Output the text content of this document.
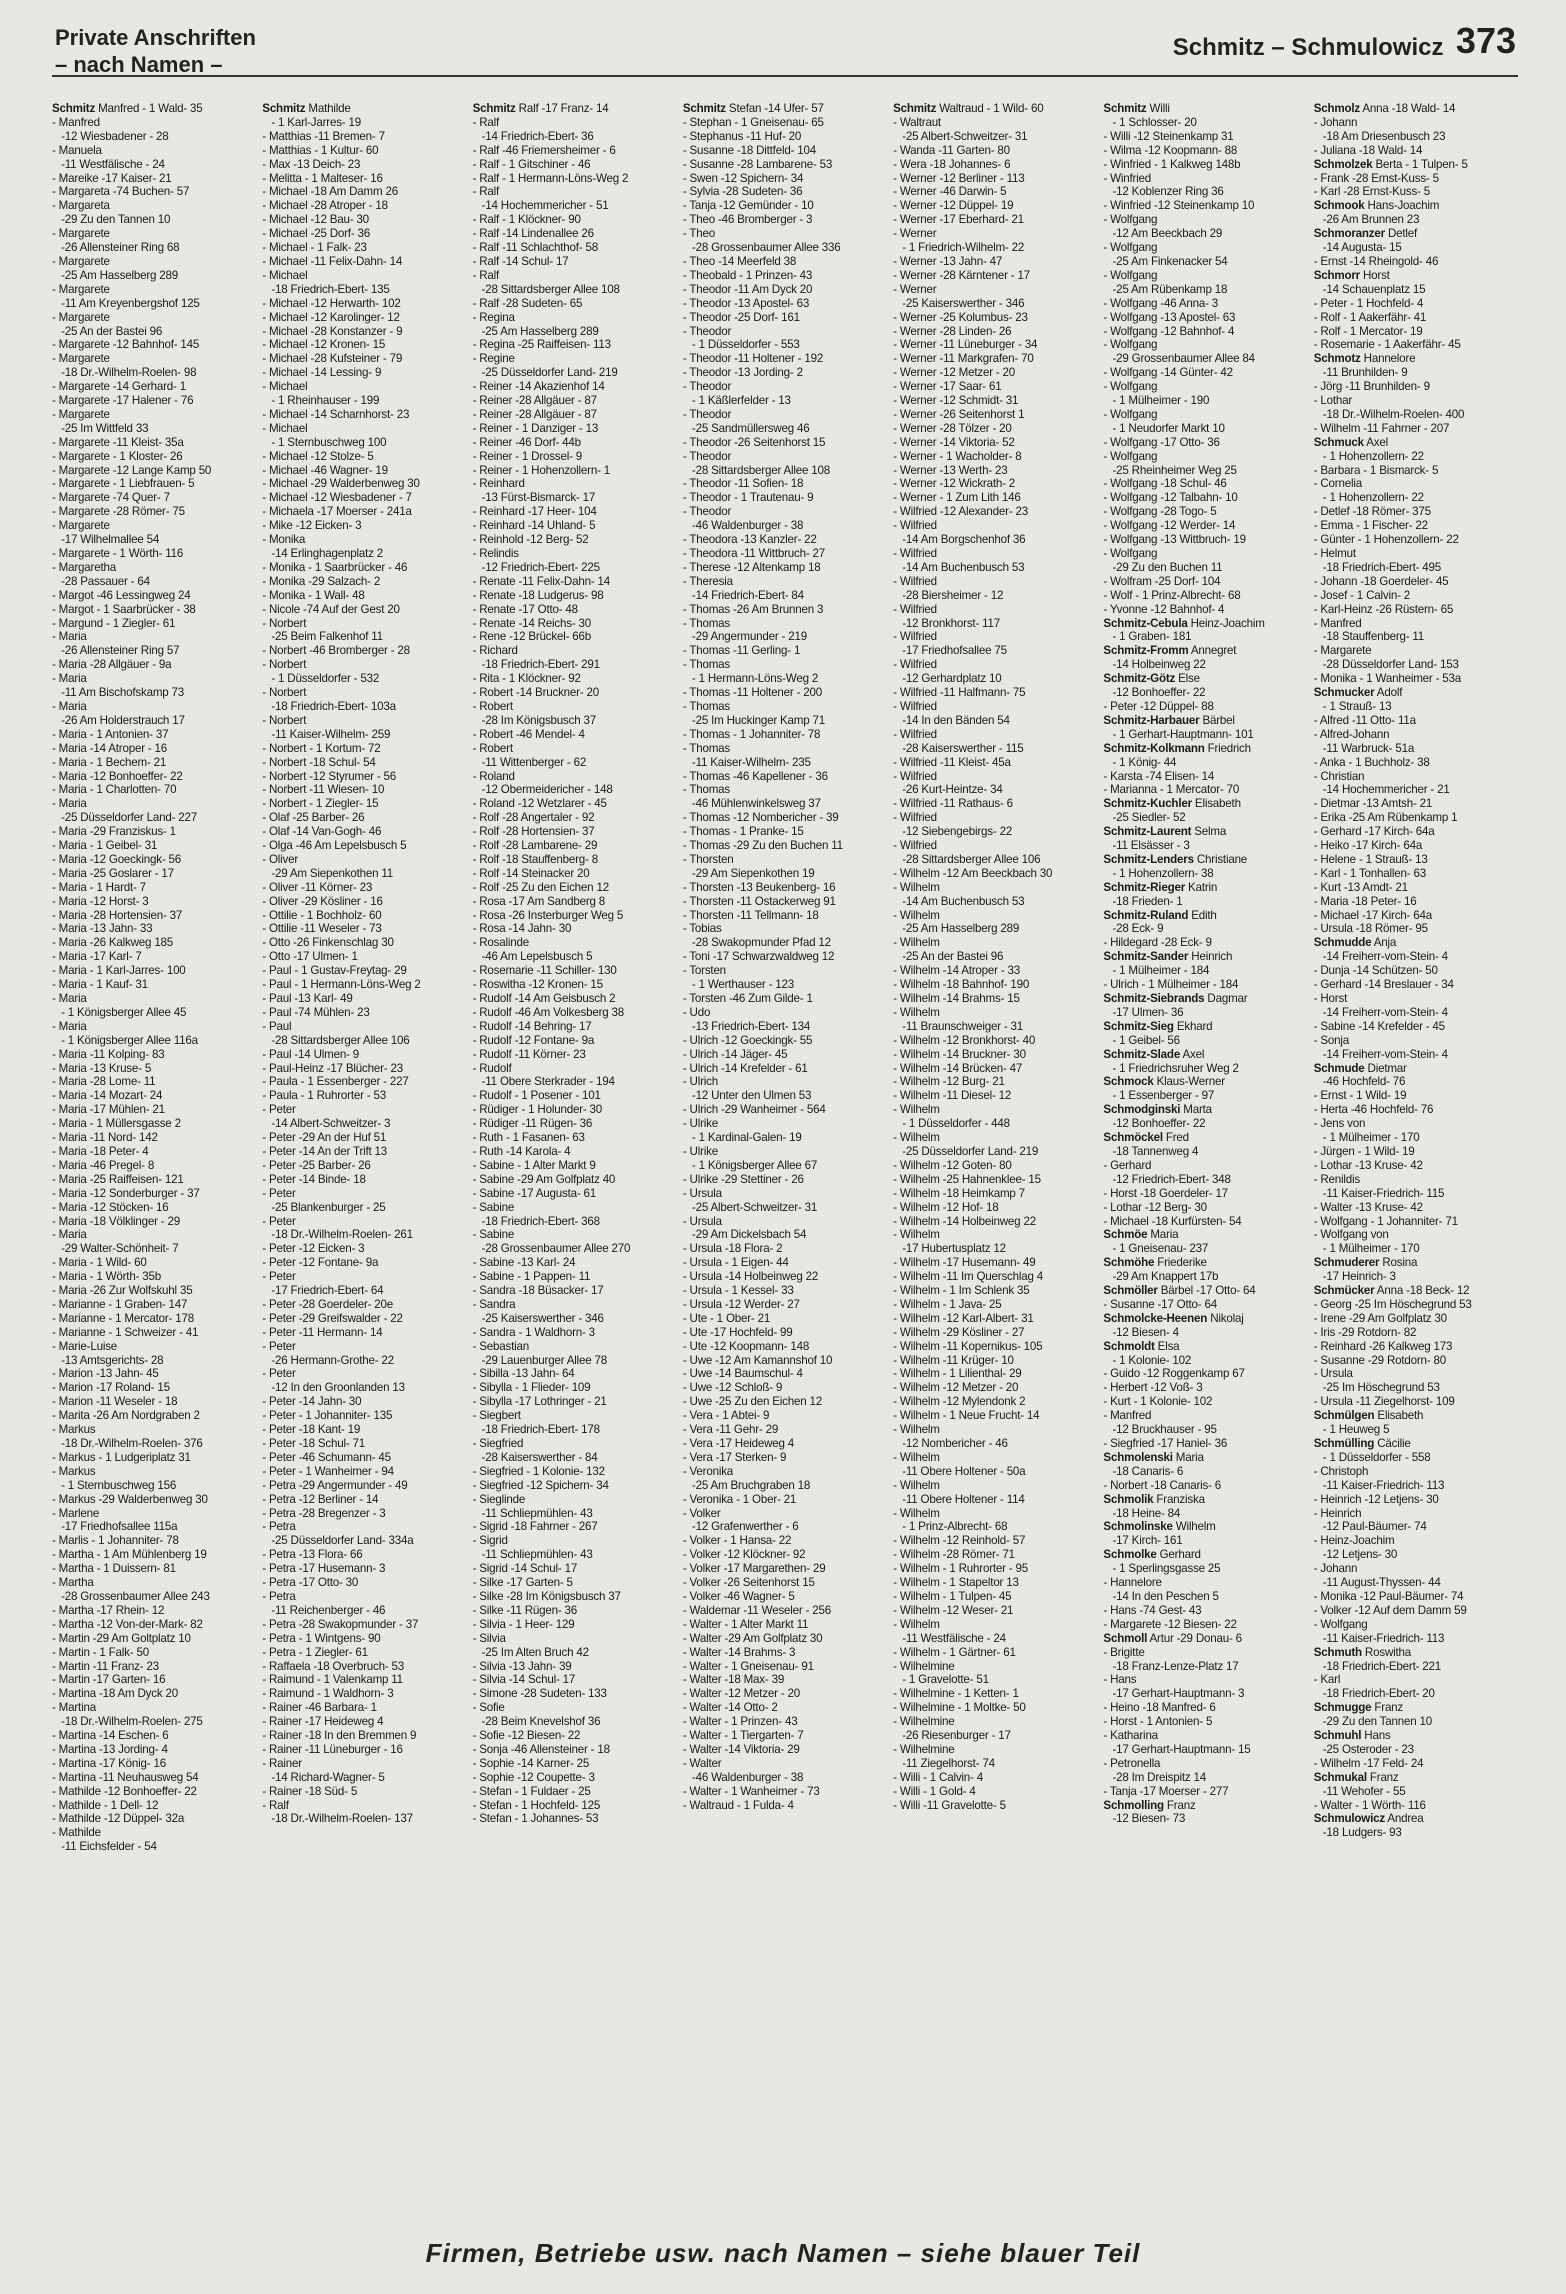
Private Anschriften
– nach Namen –
Schmitz – Schmulowicz 373
Schmitz Manfred - 1 Wald- 35
- Manfred
-12 Wiesbadener - 28
- Manuela
-11 Westfälische - 24
- Mareike -17 Kaiser- 21
- Margareta -74 Buchen- 57
- Margareta
-29 Zu den Tannen 10
- Margarete
-26 Allensteiner Ring 68
- Margarete
-25 Am Hasselberg 289
- Margarete
-11 Am Kreyenbergshof 125
- Margarete
-25 An der Bastei 96
- Margarete -12 Bahnhof- 145
- Margarete
-18 Dr.-Wilhelm-Roelen- 98
- Margarete -14 Gerhard- 1
- Margarete -17 Halener - 76
- Margarete
-25 Im Wittfeld 33
- Margarete -11 Kleist- 35a
- Margarete - 1 Kloster- 26
- Margarete -12 Lange Kamp 50
- Margarete - 1 Liebfrauen- 5
- Margarete -74 Quer- 7
- Margarete -28 Römer- 75
- Margarete
-17 Wilhelmallee 54
- Margarete - 1 Wörth- 116
- Margaretha
-28 Passauer - 64
- Margot -46 Lessingweg 24
- Margot - 1 Saarbrücker - 38
- Margund - 1 Ziegler- 61
- Maria
-26 Allensteiner Ring 57
- Maria -28 Allgäuer - 9a
- Maria
-11 Am Bischofskamp 73
- Maria
-26 Am Holderstrauch 17
- Maria - 1 Antonien- 37
- Maria -14 Atroper - 16
- Maria - 1 Bechem- 21
- Maria -12 Bonhoeffer- 22
- Maria - 1 Charlotten- 70
- Maria
-25 Düsseldorfer Land- 227
- Maria -29 Franziskus- 1
- Maria - 1 Geibel- 31
- Maria -12 Goeckingk- 56
- Maria -25 Goslarer - 17
- Maria - 1 Hardt- 7
- Maria -12 Horst- 3
- Maria -28 Hortensien- 37
- Maria -13 Jahn- 33
- Maria -26 Kalkweg 185
- Maria -17 Karl- 7
- Maria - 1 Karl-Jarres- 100
- Maria - 1 Kauf- 31
- Maria
- 1 Königsberger Allee 45
- Maria
- 1 Königsberger Allee 116a
- Maria -11 Kolping- 83
- Maria -13 Kruse- 5
- Maria -28 Lome- 11
- Maria -14 Mozart- 24
- Maria -17 Mühlen- 21
- Maria - 1 Müllersgasse 2
- Maria -11 Nord- 142
- Maria -18 Peter- 4
- Maria -46 Pregel- 8
- Maria -25 Raiffeisen- 121
- Maria -12 Sonderburger - 37
- Maria -12 Stöcken- 16
- Maria -18 Völklinger - 29
- Maria
-29 Walter-Schönheit- 7
- Maria - 1 Wild- 60
- Maria - 1 Wörth- 35b
- Maria -26 Zur Wolfskuhl 35
- Marianne - 1 Graben- 147
- Marianne - 1 Mercator- 178
- Marianne - 1 Schweizer - 41
- Marie-Luise
-13 Amtsgerichts- 28
- Marion -13 Jahn- 45
- Marion -17 Roland- 15
- Marion -11 Weseler - 18
- Marita -26 Am Nordgraben 2
- Markus
-18 Dr.-Wilhelm-Roelen- 376
- Markus - 1 Ludgeriplatz 31
- Markus
- 1 Sternbuschweg 156
- Markus -29 Walderbenweg 30
- Marlene
-17 Friedhofsallee 115a
- Marlis - 1 Johanniter- 78
- Martha - 1 Am Mühlenberg 19
- Martha - 1 Duissern- 81
- Martha
-28 Grossenbaumer Allee 243
- Martha -17 Rhein- 12
- Martha -12 Von-der-Mark- 82
- Martin -29 Am Goltplatz 10
- Martin - 1 Falk- 50
- Martin -11 Franz- 23
- Martin -17 Garten- 16
- Martina -18 Am Dyck 20
- Martina
-18 Dr.-Wilhelm-Roelen- 275
- Martina -14 Eschen- 6
- Martina -13 Jording- 4
- Martina -17 König- 16
- Martina -11 Neuhausweg 54
- Mathilde -12 Bonhoeffer- 22
- Mathilde - 1 Dell- 12
- Mathilde -12 Düppel- 32a
- Mathilde
-11 Eichsfelder - 54
Schmitz Mathilde
- 1 Karl-Jarres- 19
- Matthias -11 Bremen- 7
- Matthias - 1 Kultur- 60
- Max -13 Deich- 23
- Melitta - 1 Malteser- 16
- Michael -18 Am Damm 26
- Michael -28 Atroper - 18
- Michael -12 Bau- 30
- Michael -25 Dorf- 36
- Michael - 1 Falk- 23
- Michael -11 Felix-Dahn- 14
- Michael
-18 Friedrich-Ebert- 135
- Michael -12 Herwarth- 102
- Michael -12 Karolinger- 12
- Michael -28 Konstanzer - 9
- Michael -12 Kronen- 15
- Michael -28 Kufsteiner - 79
- Michael -14 Lessing- 9
- Michael
- 1 Rheinhauser - 199
- Michael -14 Scharnhorst- 23
- Michael
- 1 Sternbuschweg 100
- Michael -12 Stolze- 5
- Michael -46 Wagner- 19
- Michael -29 Walderbenweg 30
- Michael -12 Wiesbadener - 7
- Michaela -17 Moerser - 241a
- Mike -12 Eicken- 3
- Monika
-14 Erlinghagenplatz 2
- Monika - 1 Saarbrücker - 46
- Monika -29 Salzach- 2
- Monika - 1 Wall- 48
- Nicole -74 Auf der Gest 20
- Norbert
-25 Beim Falkenhof 11
- Norbert -46 Bromberger - 28
- Norbert
- 1 Düsseldorfer - 532
- Norbert
-18 Friedrich-Ebert- 103a
- Norbert
-11 Kaiser-Wilhelm- 259
- Norbert - 1 Kortum- 72
- Norbert -18 Schul- 54
- Norbert -12 Styrumer - 56
- Norbert -11 Wiesen- 10
- Norbert - 1 Ziegler- 15
- Olaf -25 Barber- 26
- Olaf -14 Van-Gogh- 46
- Olga -46 Am Lepelsbusch 5
- Oliver
-29 Am Siepenkothen 11
- Oliver -11 Körner- 23
- Oliver -29 Kösliner - 16
- Ottilie - 1 Bochholz- 60
- Ottilie -11 Weseler - 73
- Otto -26 Finkenschlag 30
- Otto -17 Ulmen- 1
- Paul - 1 Gustav-Freytag- 29
- Paul - 1 Hermann-Löns-Weg 2
- Paul -13 Karl- 49
- Paul -74 Mühlen- 23
- Paul
-28 Sittardsberger Allee 106
- Paul -14 Ulmen- 9
- Paul-Heinz -17 Blücher- 23
- Paula - 1 Essenberger - 227
- Paula - 1 Ruhrorter - 53
- Peter
-14 Albert-Schweitzer- 3
- Peter -29 An der Huf 51
- Peter -14 An der Trift 13
- Peter -25 Barber- 26
- Peter -14 Binde- 18
- Peter
-25 Blankenburger - 25
- Peter
-18 Dr.-Wilhelm-Roelen- 261
- Peter -12 Eicken- 3
- Peter -12 Fontane- 9a
- Peter
-17 Friedrich-Ebert- 64
- Peter -28 Goerdeler- 20e
- Peter -29 Greifswalder - 22
- Peter -11 Hermann- 14
- Peter
-26 Hermann-Grothe- 22
- Peter
-12 In den Groonlanden 13
- Peter -14 Jahn- 30
- Peter - 1 Johanniter- 135
- Peter -18 Kant- 19
- Peter -18 Schul- 71
- Peter -46 Schumann- 45
- Peter - 1 Wanheimer - 94
- Petra -29 Angermunder - 49
- Petra -12 Berliner - 14
- Petra -28 Bregenzer - 3
- Petra
-25 Düsseldorfer Land- 334a
- Petra -13 Flora- 66
- Petra -17 Husemann- 3
- Petra -17 Otto- 30
- Petra
-11 Reichenberger - 46
- Petra -28 Swakopmunder - 37
- Petra - 1 Wintgens- 90
- Petra - 1 Ziegler- 61
- Raffaela -18 Overbruch- 53
- Raimund - 1 Valenkamp 11
- Raimund - 1 Waldhorn- 3
- Rainer -46 Barbara- 1
- Rainer -17 Heideweg 4
- Rainer -18 In den Bremmen 9
- Rainer -11 Lüneburger - 16
- Rainer
-14 Richard-Wagner- 5
- Rainer -18 Süd- 5
- Ralf
-18 Dr.-Wilhelm-Roelen- 137
Schmitz Ralf -17 Franz- 14
- Ralf
-14 Friedrich-Ebert- 36
- Ralf -46 Friemersheimer - 6
- Ralf - 1 Gitschiner - 46
- Ralf - 1 Hermann-Löns-Weg 2
- Ralf
-14 Hochemmericher - 51
- Ralf - 1 Klöckner- 90
- Ralf -14 Lindenallee 26
- Ralf -11 Schlachthof- 58
- Ralf -14 Schul- 17
- Ralf
-28 Sittardsberger Allee 108
- Ralf -28 Sudeten- 65
- Regina
-25 Am Hasselberg 289
- Regina -25 Raiffeisen- 113
- Regine
-25 Düsseldorfer Land- 219
- Reiner -14 Akazienhof 14
- Reiner -28 Allgäuer - 87
- Reiner -28 Allgäuer - 87
- Reiner - 1 Danziger - 13
- Reiner -46 Dorf- 44b
- Reiner - 1 Drossel- 9
- Reiner - 1 Hohenzollern- 1
- Reinhard
-13 Fürst-Bismarck- 17
- Reinhard -17 Heer- 104
- Reinhard -14 Uhland- 5
- Reinhold -12 Berg- 52
- Relindis
-12 Friedrich-Ebert- 225
- Renate -11 Felix-Dahn- 14
- Renate -18 Ludgerus- 98
- Renate -17 Otto- 48
- Renate -14 Reichs- 30
- Rene -12 Brückel- 66b
- Richard
-18 Friedrich-Ebert- 291
- Rita - 1 Klöckner- 92
- Robert -14 Bruckner- 20
- Robert
-28 Im Königsbusch 37
- Robert -46 Mendel- 4
- Robert
-11 Wittenberger - 62
- Roland
-12 Obermeidericher - 148
- Roland -12 Wetzlarer - 45
- Rolf -28 Angertaler - 92
- Rolf -28 Hortensien- 37
- Rolf -28 Lambarene- 29
- Rolf -18 Stauffenberg- 8
- Rolf -14 Steinacker 20
- Rolf -25 Zu den Eichen 12
- Rosa -17 Am Sandberg 8
- Rosa -26 Insterburger Weg 5
- Rosa -14 Jahn- 30
- Rosalinde
-46 Am Lepelsbusch 5
- Rosemarie -11 Schiller- 130
- Roswitha -12 Kronen- 15
- Rudolf -14 Am Geisbusch 2
- Rudolf -46 Am Volkesberg 38
- Rudolf -14 Behring- 17
- Rudolf -12 Fontane- 9a
- Rudolf -11 Körner- 23
- Rudolf
-11 Obere Sterkrader - 194
- Rudolf - 1 Posener - 101
- Rüdiger - 1 Holunder- 30
- Rüdiger -11 Rügen- 36
- Ruth - 1 Fasanen- 63
- Ruth -14 Karola- 4
- Sabine - 1 Alter Markt 9
- Sabine -29 Am Golfplatz 40
- Sabine -17 Augusta- 61
- Sabine
-18 Friedrich-Ebert- 368
- Sabine
-28 Grossenbaumer Allee 270
- Sabine -13 Karl- 24
- Sabine - 1 Pappen- 11
- Sandra -18 Büsacker- 17
- Sandra
-25 Kaiserswerther - 346
- Sandra - 1 Waldhorn- 3
- Sebastian
-29 Lauenburger Allee 78
- Sibilla -13 Jahn- 64
- Sibylla - 1 Flieder- 109
- Sibylla -17 Lothringer - 21
- Siegbert
-18 Friedrich-Ebert- 178
- Siegfried
-28 Kaiserswerther - 84
- Siegfried - 1 Kolonie- 132
- Siegfried -12 Spichern- 34
- Sieglinde
-11 Schliepmühlen- 43
- Sigrid -18 Fahrner - 267
- Sigrid
-11 Schliepmühlen- 43
- Sigrid -14 Schul- 17
- Silke -17 Garten- 5
- Silke -28 Im Königsbusch 37
- Silke -11 Rügen- 36
- Silvia - 1 Heer- 129
- Silvia
-25 Im Alten Bruch 42
- Silvia -13 Jahn- 39
- Silvia -14 Schul- 17
- Simone -28 Sudeten- 133
- Sofie
-28 Beim Knevelshof 36
- Sofie -12 Biesen- 22
- Sonja -46 Allensteiner - 18
- Sophie -14 Karner- 25
- Sophie -12 Coupette- 3
- Stefan - 1 Fuldaer - 25
- Stefan - 1 Hochfeld- 125
- Stefan - 1 Johannes- 53
Schmitz Stefan -14 Ufer- 57
- Stephan - 1 Gneisenau- 65
- Stephanus -11 Huf- 20
- Susanne -18 Dittfeld- 104
- Susanne -28 Lambarene- 53
- Swen -12 Spichern- 34
- Sylvia -28 Sudeten- 36
- Tanja -12 Gemünder - 10
- Theo -46 Bromberger - 3
- Theo
-28 Grossenbaumer Allee 336
- Theo -14 Meerfeld 38
- Theobald - 1 Prinzen- 43
- Theodor -11 Am Dyck 20
- Theodor -13 Apostel- 63
- Theodor -25 Dorf- 161
- Theodor
- 1 Düsseldorfer - 553
- Theodor -11 Holtener - 192
- Theodor -13 Jording- 2
- Theodor
- 1 Käßlerfelder - 13
- Theodor
-25 Sandmüllersweg 46
- Theodor -26 Seitenhorst 15
- Theodor
-28 Sittardsberger Allee 108
- Theodor -11 Sofien- 18
- Theodor - 1 Trautenau- 9
- Theodor
-46 Waldenburger - 38
- Theodora -13 Kanzler- 22
- Theodora -11 Wittbruch- 27
- Therese -12 Altenkamp 18
- Theresia
-14 Friedrich-Ebert- 84
- Thomas -26 Am Brunnen 3
- Thomas
-29 Angermunder - 219
- Thomas -11 Gerling- 1
- Thomas
- 1 Hermann-Löns-Weg 2
- Thomas -11 Holtener - 200
- Thomas
-25 Im Huckinger Kamp 71
- Thomas - 1 Johanniter- 78
- Thomas
-11 Kaiser-Wilhelm- 235
- Thomas -46 Kapellener - 36
- Thomas
-46 Mühlenwinkelsweg 37
- Thomas -12 Nombericher - 39
- Thomas - 1 Pranke- 15
- Thomas -29 Zu den Buchen 11
- Thorsten
-29 Am Siepenkothen 19
- Thorsten -13 Beukenberg- 16
- Thorsten -11 Ostackerweg 91
- Thorsten -11 Tellmann- 18
- Tobias
-28 Swakopmunder Pfad 12
- Toni -17 Schwarzwaldweg 12
- Torsten
- 1 Werthauser - 123
- Torsten -46 Zum Gilde- 1
- Udo
-13 Friedrich-Ebert- 134
- Ulrich -12 Goeckingk- 55
- Ulrich -14 Jäger- 45
- Ulrich -14 Krefelder - 61
- Ulrich
-12 Unter den Ulmen 53
- Ulrich -29 Wanheimer - 564
- Ulrike
- 1 Kardinal-Galen- 19
- Ulrike
- 1 Königsberger Allee 67
- Ulrike -29 Stettiner - 26
- Ursula
-25 Albert-Schweitzer- 31
- Ursula
-29 Am Dickelsbach 54
- Ursula -18 Flora- 2
- Ursula - 1 Eigen- 44
- Ursula -14 Holbeinweg 22
- Ursula - 1 Kessel- 33
- Ursula -12 Werder- 27
- Ute - 1 Ober- 21
- Ute -17 Hochfeld- 99
- Ute -12 Koopmann- 148
- Uwe -12 Am Kamannshof 10
- Uwe -14 Baumschul- 4
- Uwe -12 Schloß- 9
- Uwe -25 Zu den Eichen 12
- Vera - 1 Abtei- 9
- Vera -11 Gehr- 29
- Vera -17 Heideweg 4
- Vera -17 Sterken- 9
- Veronika
-25 Am Bruchgraben 18
- Veronika - 1 Ober- 21
- Volker
-12 Grafenwerther - 6
- Volker - 1 Hansa- 22
- Volker -12 Klöckner- 92
- Volker -17 Margarethen- 29
- Volker -26 Seitenhorst 15
- Volker -46 Wagner- 5
- Waldemar -11 Weseler - 256
- Walter - 1 Alter Markt 11
- Walter -29 Am Golfplatz 30
- Walter -14 Brahms- 3
- Walter - 1 Gneisenau- 91
- Walter -18 Max- 39
- Walter -12 Metzer - 20
- Walter -14 Otto- 2
- Walter - 1 Prinzen- 43
- Walter - 1 Tiergarten- 7
- Walter -14 Viktoria- 29
- Walter
-46 Waldenburger - 38
- Walter - 1 Wanheimer - 73
- Waltraud - 1 Fulda- 4
Schmitz Waltraud - 1 Wild- 60
- Waltraut
-25 Albert-Schweitzer- 31
- Wanda -11 Garten- 80
- Wera -18 Johannes- 6
- Werner -12 Berliner - 113
- Werner -46 Darwin- 5
- Werner -12 Düppel- 19
- Werner -17 Eberhard- 21
- Werner
- 1 Friedrich-Wilhelm- 22
- Werner -13 Jahn- 47
- Werner -28 Kärntener - 17
- Werner
-25 Kaiserswerther - 346
- Werner -25 Kolumbus- 23
- Werner -28 Linden- 26
- Werner -11 Lüneburger - 34
- Werner -11 Markgrafen- 70
- Werner -12 Metzer - 20
- Werner -17 Saar- 61
- Werner -12 Schmidt- 31
- Werner -26 Seitenhorst 1
- Werner -28 Tölzer - 20
- Werner -14 Viktoria- 52
- Werner - 1 Wacholder- 8
- Werner -13 Werth- 23
- Werner -12 Wickrath- 2
- Werner - 1 Zum Lith 146
- Wilfried -12 Alexander- 23
- Wilfried
-14 Am Borgschenhof 36
- Wilfried
-14 Am Buchenbusch 53
- Wilfried
-28 Biersheimer - 12
- Wilfried
-12 Bronkhorst- 117
- Wilfried
-17 Friedhofsallee 75
- Wilfried
-12 Gerhardplatz 10
- Wilfried -11 Halfmann- 75
- Wilfried
-14 In den Bänden 54
- Wilfried
-28 Kaiserswerther - 115
- Wilfried -11 Kleist- 45a
- Wilfried
-26 Kurt-Heintze- 34
- Wilfried -11 Rathaus- 6
- Wilfried
-12 Siebengebirgs- 22
- Wilfried
-28 Sittardsberger Allee 106
- Wilhelm -12 Am Beeckbach 30
- Wilhelm
-14 Am Buchenbusch 53
- Wilhelm
-25 Am Hasselberg 289
- Wilhelm
-25 An der Bastei 96
- Wilhelm -14 Atroper - 33
- Wilhelm -18 Bahnhof- 190
- Wilhelm -14 Brahms- 15
- Wilhelm
-11 Braunschweiger - 31
- Wilhelm -12 Bronkhorst- 40
- Wilhelm -14 Bruckner- 30
- Wilhelm -14 Brücken- 47
- Wilhelm -12 Burg- 21
- Wilhelm -11 Diesel- 12
- Wilhelm
- 1 Düsseldorfer - 448
- Wilhelm
-25 Düsseldorfer Land- 219
- Wilhelm -12 Goten- 80
- Wilhelm -25 Hahnenklee- 15
- Wilhelm -18 Heimkamp 7
- Wilhelm -12 Hof- 18
- Wilhelm -14 Holbeinweg 22
- Wilhelm
-17 Hubertusplatz 12
- Wilhelm -17 Husemann- 49
- Wilhelm -11 Im Querschlag 4
- Wilhelm - 1 Im Schlenk 35
- Wilhelm - 1 Java- 25
- Wilhelm -12 Karl-Albert- 31
- Wilhelm -29 Kösliner - 27
- Wilhelm -11 Kopernikus- 105
- Wilhelm -11 Krüger- 10
- Wilhelm - 1 Lilienthal- 29
- Wilhelm -12 Metzer - 20
- Wilhelm -12 Mylendonk 2
- Wilhelm - 1 Neue Frucht- 14
- Wilhelm
-12 Nombericher - 46
- Wilhelm
-11 Obere Holtener - 50a
- Wilhelm
-11 Obere Holtener - 114
- Wilhelm
- 1 Prinz-Albrecht- 68
- Wilhelm -12 Reinhold- 57
- Wilhelm -28 Römer- 71
- Wilhelm - 1 Ruhrorter - 95
- Wilhelm - 1 Stapeltor 13
- Wilhelm - 1 Tulpen- 45
- Wilhelm -12 Weser- 21
- Wilhelm
-11 Westfälische - 24
- Wilhelm - 1 Gärtner- 61
- Wilhelmine
- 1 Gravelotte- 51
- Wilhelmine - 1 Ketten- 1
- Wilhelmine - 1 Moltke- 50
- Wilhelmine
-26 Riesenburger - 17
- Wilhelmine
-11 Ziegelhorst- 74
- Willi - 1 Calvin- 4
- Willi - 1 Gold- 4
- Willi -11 Gravelotte- 5
Schmitz Willi
- 1 Schlosser- 20
- Willi -12 Steinenkamp 31
- Wilma -12 Koopmann- 88
- Winfried - 1 Kalkweg 148b
- Winfried
-12 Koblenzer Ring 36
- Winfried -12 Steinenkamp 10
- Wolfgang
-12 Am Beeckbach 29
- Wolfgang
-25 Am Finkenacker 54
- Wolfgang
-25 Am Rübenkamp 18
- Wolfgang -46 Anna- 3
- Wolfgang -13 Apostel- 63
- Wolfgang -12 Bahnhof- 4
- Wolfgang
-29 Grossenbaumer Allee 84
- Wolfgang -14 Günter- 42
- Wolfgang
- 1 Mülheimer - 190
- Wolfgang
- 1 Neudorfer Markt 10
- Wolfgang -17 Otto- 36
- Wolfgang
-25 Rheinheimer Weg 25
- Wolfgang -18 Schul- 46
- Wolfgang -12 Talbahn- 10
- Wolfgang -28 Togo- 5
- Wolfgang -12 Werder- 14
- Wolfgang -13 Wittbruch- 19
- Wolfgang
-29 Zu den Buchen 11
- Wolfram -25 Dorf- 104
- Wolf - 1 Prinz-Albrecht- 68
- Yvonne -12 Bahnhof- 4
Schmitz-Cebula Heinz-Joachim
- 1 Graben- 181
Schmitz-Fromm Annegret
-14 Holbeinweg 22
Schmitz-Götz Else
-12 Bonhoeffer- 22
- Peter -12 Düppel- 88
Schmitz-Harbauer Bärbel
- 1 Gerhart-Hauptmann- 101
Schmitz-Kolkmann Friedrich
- 1 König- 44
- Karsta -74 Elisen- 14
- Marianna - 1 Mercator- 70
Schmitz-Kuchler Elisabeth
-25 Siedler- 52
Schmitz-Laurent Selma
-11 Elsässer - 3
Schmitz-Lenders Christiane
- 1 Hohenzollern- 38
Schmitz-Rieger Katrin
-18 Frieden- 1
Schmitz-Ruland Edith
-28 Eck- 9
- Hildegard -28 Eck- 9
Schmitz-Sander Heinrich
- 1 Mülheimer - 184
- Ulrich - 1 Mülheimer - 184
Schmitz-Siebrands Dagmar
-17 Ulmen- 36
Schmitz-Sieg Ekhard
- 1 Geibel- 56
Schmitz-Slade Axel
- 1 Friedrichsruher Weg 2
Schmock Klaus-Werner
- 1 Essenberger - 97
Schmodginski Marta
-12 Bonhoeffer- 22
Schmöckel Fred
-18 Tannenweg 4
- Gerhard
-12 Friedrich-Ebert- 348
- Horst -18 Goerdeler- 17
- Lothar -12 Berg- 30
- Michael -18 Kurfürsten- 54
Schmöe Maria
- 1 Gneisenau- 237
Schmöhe Friederike
-29 Am Knappert 17b
Schmöller Bärbel -17 Otto- 64
- Susanne -17 Otto- 64
Schmolcke-Heenen Nikolaj
-12 Biesen- 4
Schmoldt Elsa
- 1 Kolonie- 102
- Guido -12 Roggenkamp 67
- Herbert -12 Voß- 3
- Kurt - 1 Kolonie- 102
- Manfred
-12 Bruckhauser - 95
- Siegfried -17 Haniel- 36
Schmolenski Maria
-18 Canaris- 6
- Norbert -18 Canaris- 6
Schmolik Franziska
-18 Heine- 84
Schmolinske Wilhelm
-17 Kirch- 161
Schmolke Gerhard
- 1 Sperlingsgasse 25
- Hannelore
-14 In den Peschen 5
- Hans -74 Gest- 43
- Margarete -12 Biesen- 22
Schmoll Artur -29 Donau- 6
- Brigitte
-18 Franz-Lenze-Platz 17
- Hans
-17 Gerhart-Hauptmann- 3
- Heino -18 Manfred- 6
- Horst - 1 Antonien- 5
- Katharina
-17 Gerhart-Hauptmann- 15
- Petronella
-28 Im Dreispitz 14
- Tanja -17 Moerser - 277
Schmolling Franz
-12 Biesen- 73
Schmolz Anna -18 Wald- 14
- Johann
-18 Am Driesenbusch 23
- Juliana -18 Wald- 14
Schmolzek Berta - 1 Tulpen- 5
- Frank -28 Ernst-Kuss- 5
- Karl -28 Ernst-Kuss- 5
Schmook Hans-Joachim
-26 Am Brunnen 23
Schmoranzer Detlef
-14 Augusta- 15
- Ernst -14 Rheingold- 46
Schmorr Horst
-14 Schauenplatz 15
- Peter - 1 Hochfeld- 4
- Rolf - 1 Aakerfähr- 41
- Rolf - 1 Mercator- 19
- Rosemarie - 1 Aakerfähr- 45
Schmotz Hannelore
-11 Brunhilden- 9
- Jörg -11 Brunhilden- 9
- Lothar
-18 Dr.-Wilhelm-Roelen- 400
- Wilhelm -11 Fahrner - 207
Schmuck Axel
- 1 Hohenzollern- 22
- Barbara - 1 Bismarck- 5
- Cornelia
- 1 Hohenzollern- 22
- Detlef -18 Römer- 375
- Emma - 1 Fischer- 22
- Günter - 1 Hohenzollern- 22
- Helmut
-18 Friedrich-Ebert- 495
- Johann -18 Goerdeler- 45
- Josef - 1 Calvin- 2
- Karl-Heinz -26 Rüstern- 65
- Manfred
-18 Stauffenberg- 11
- Margarete
-28 Düsseldorfer Land- 153
- Monika - 1 Wanheimer - 53a
Schmucker Adolf
- 1 Strauß- 13
- Alfred -11 Otto- 11a
- Alfred-Johann
-11 Warbruck- 51a
- Anka - 1 Buchholz- 38
- Christian
-14 Hochemmericher - 21
- Dietmar -13 Amtsh- 21
- Erika -25 Am Rübenkamp 1
- Gerhard -17 Kirch- 64a
- Heiko -17 Kirch- 64a
- Helene - 1 Strauß- 13
- Karl - 1 Tonhallen- 63
- Kurt -13 Amdt- 21
- Maria -18 Peter- 16
- Michael -17 Kirch- 64a
- Ursula -18 Römer- 95
Schmudde Anja
-14 Freiherr-vom-Stein- 4
- Dunja -14 Schützen- 50
- Gerhard -14 Breslauer - 34
- Horst
-14 Freiherr-vom-Stein- 4
- Sabine -14 Krefelder - 45
- Sonja
-14 Freiherr-vom-Stein- 4
Schmude Dietmar
-46 Hochfeld- 76
- Ernst - 1 Wild- 19
- Herta -46 Hochfeld- 76
- Jens von
- 1 Mülheimer - 170
- Jürgen - 1 Wild- 19
- Lothar -13 Kruse- 42
- Renildis
-11 Kaiser-Friedrich- 115
- Walter -13 Kruse- 42
- Wolfgang - 1 Johanniter- 71
- Wolfgang von
- 1 Mülheimer - 170
Schmuderer Rosina
-17 Heinrich- 3
Schmücker Anna -18 Beck- 12
- Georg -25 Im Höschegrund 53
- Irene -29 Am Golfplatz 30
- Iris -29 Rotdorn- 82
- Reinhard -26 Kalkweg 173
- Susanne -29 Rotdorn- 80
- Ursula
-25 Im Höschegrund 53
- Ursula -11 Ziegelhorst- 109
Schmülgen Elisabeth
- 1 Heuweg 5
Schmülling Cäcilie
- 1 Düsseldorfer - 558
- Christoph
-11 Kaiser-Friedrich- 113
- Heinrich -12 Letjens- 30
- Heinrich
-12 Paul-Bäumer- 74
- Heinz-Joachim
-12 Letjens- 30
- Johann
-11 August-Thyssen- 44
- Monika -12 Paul-Bäumer- 74
- Volker -12 Auf dem Damm 59
- Wolfgang
-11 Kaiser-Friedrich- 113
Schmuth Roswitha
-18 Friedrich-Ebert- 221
- Karl
-18 Friedrich-Ebert- 20
Schmugge Franz
-29 Zu den Tannen 10
Schmuhl Hans
-25 Osteroder - 23
- Wilhelm -17 Feld- 24
Schmukal Franz
-11 Wehofer - 55
- Walter - 1 Wörth- 116
Schmulowicz Andrea
-18 Ludgers- 93
Firmen, Betriebe usw. nach Namen – siehe blauer Teil
